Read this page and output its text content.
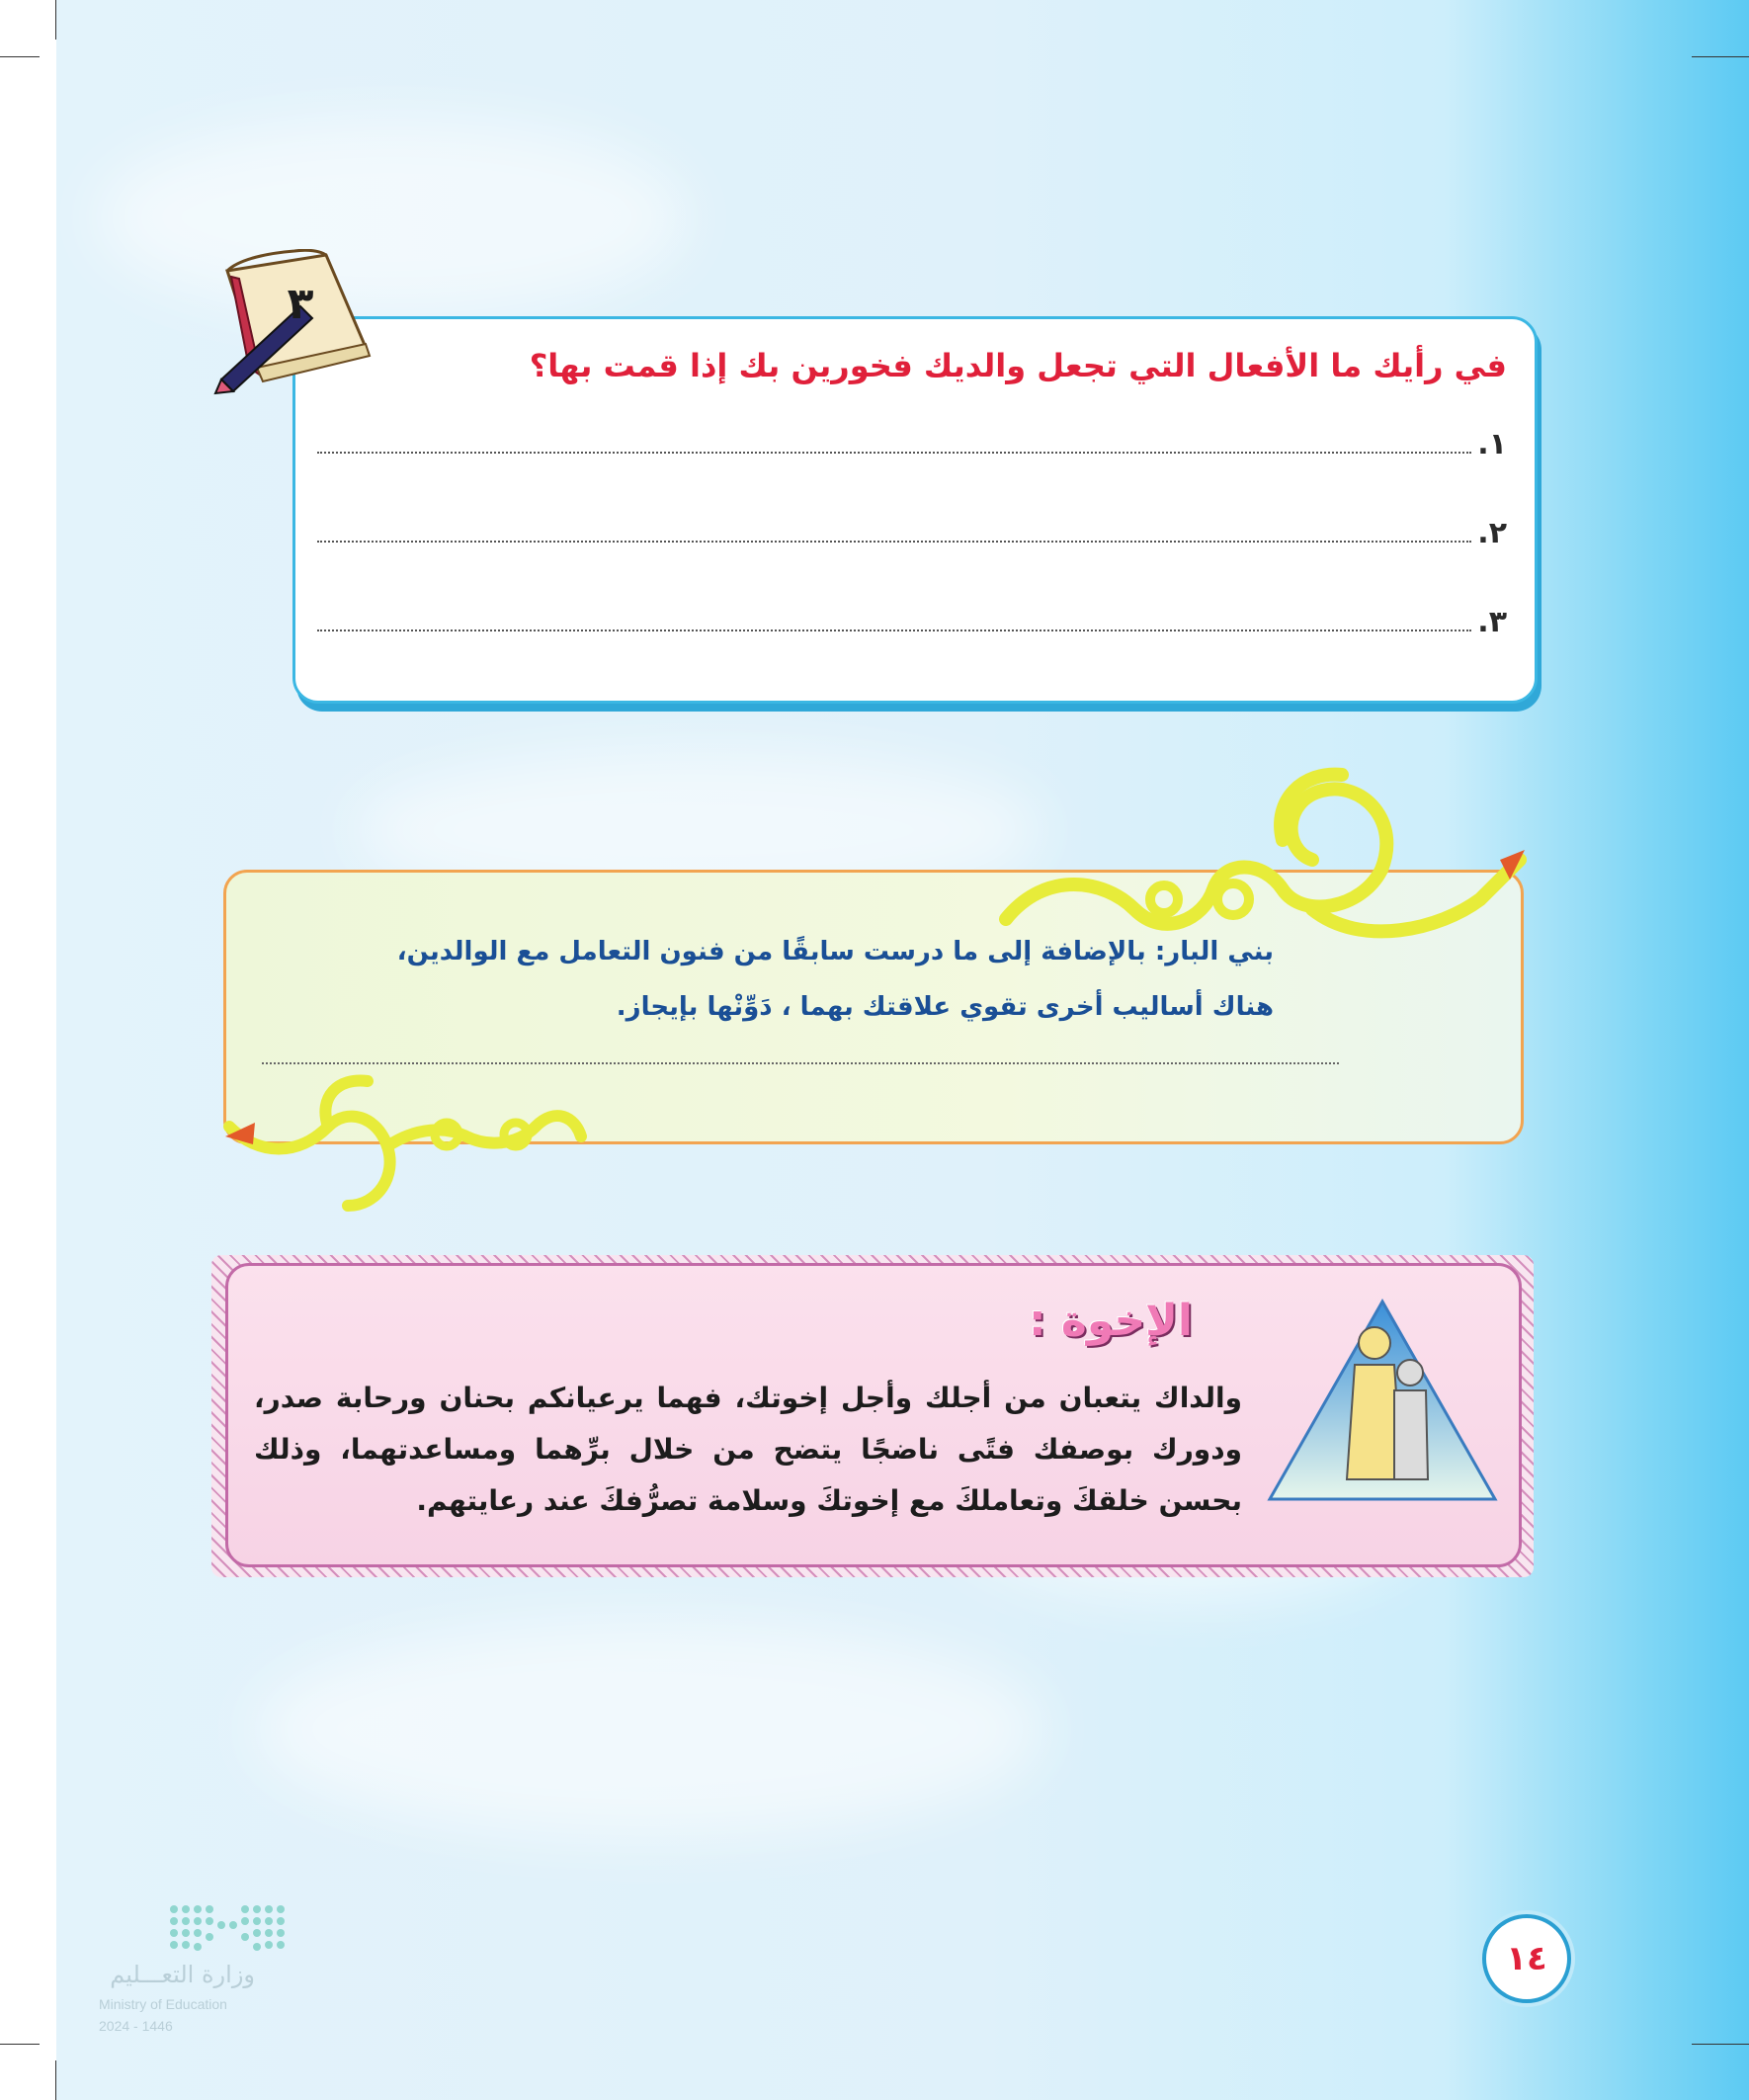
في رأيك ما الأفعال التي تجعل والديك فخورين بك إذا قمت بها؟
١.
٢.
٣.
٣
بني البار: بالإضافة إلى ما درست سابقًا من فنون التعامل مع الوالدين،
هناك أساليب أخرى تقوي علاقتك بهما ، دَوِّنْها بإيجاز.
الإخوة :
والداك يتعبان من أجلك وأجل إخوتك، فهما يرعيانكم بحنان ورحابة صدر، ودورك بوصفك فتًى ناضجًا يتضح من خلال برِّهما ومساعدتهما، وذلك بحسن خلقكَ وتعاملكَ مع إخوتكَ وسلامة تصرُّفكَ عند رعايتهم.
١٤
وزارة التعـــليم
Ministry of Education
2024 - 1446
